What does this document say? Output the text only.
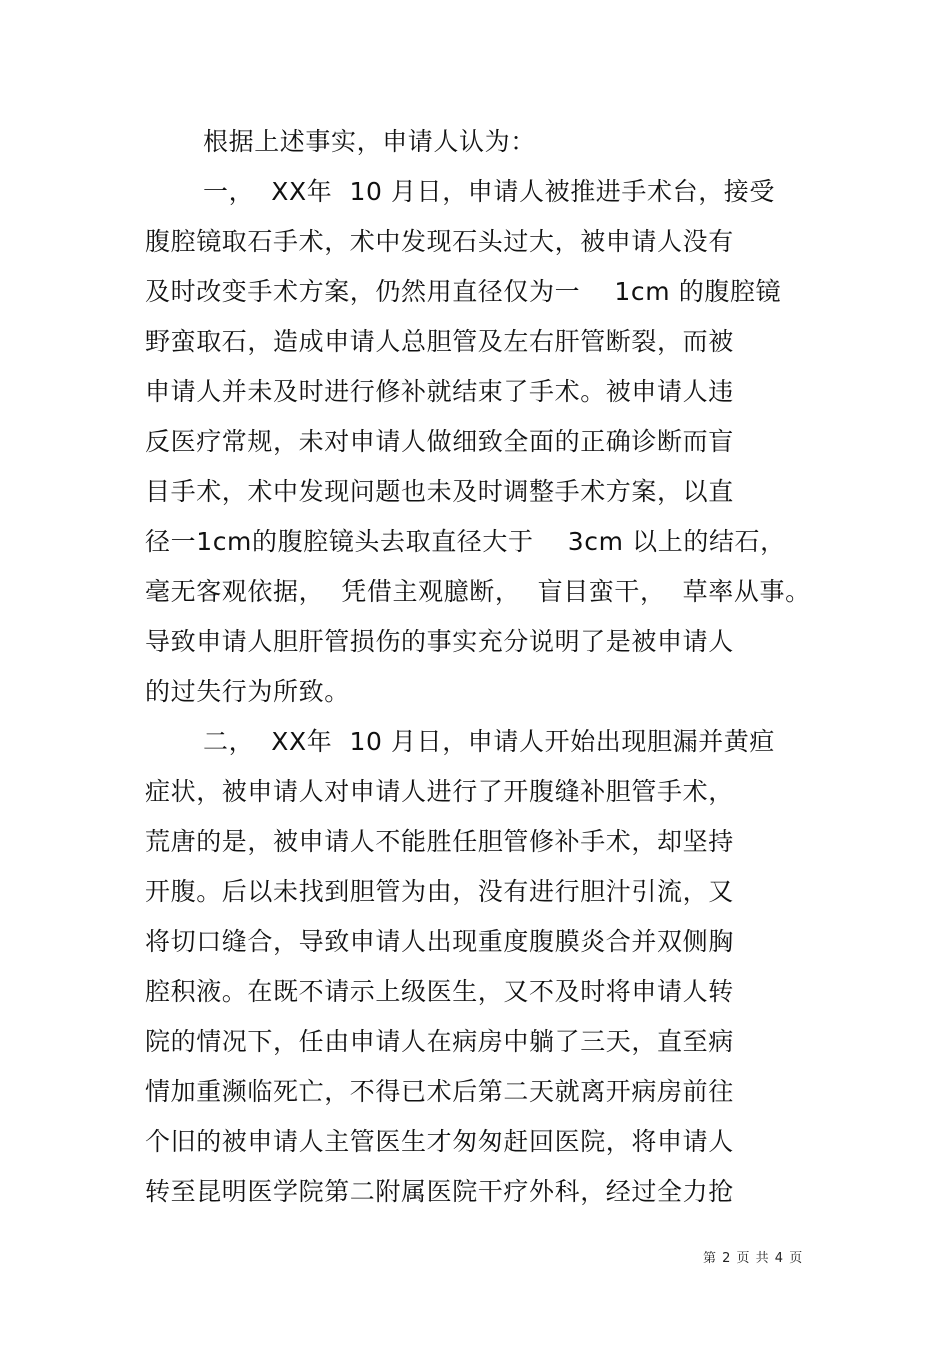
根据上述事实，申请人认为：
一，  XX年  10 月日，申请人被推进手术台，接受
腹腔镜取石手术，术中发现石头过大，被申请人没有
及时改变手术方案，仍然用直径仅为一    1cm 的腹腔镜
野蛮取石，造成申请人总胆管及左右肝管断裂，而被
申请人并未及时进行修补就结束了手术。被申请人违
反医疗常规，未对申请人做细致全面的正确诊断而盲
目手术，术中发现问题也未及时调整手术方案，以直
径一1cm的腹腔镜头去取直径大于    3cm 以上的结石，
毫无客观依据，  凭借主观臆断，  盲目蛮干，  草率从事。
导致申请人胆肝管损伤的事实充分说明了是被申请人
的过失行为所致。
二，  XX年  10 月日，申请人开始出现胆漏并黄疸
症状，被申请人对申请人进行了开腹缝补胆管手术，
荒唐的是，被申请人不能胜任胆管修补手术，却坚持
开腹。后以未找到胆管为由，没有进行胆汁引流，又
将切口缝合，导致申请人出现重度腹膜炎合并双侧胸
腔积液。在既不请示上级医生，又不及时将申请人转
院的情况下，任由申请人在病房中躺了三天，直至病
情加重濒临死亡，不得已术后第二天就离开病房前往
个旧的被申请人主管医生才匆匆赶回医院，将申请人
转至昆明医学院第二附属医院干疗外科，经过全力抢
第 2 页 共 4 页
